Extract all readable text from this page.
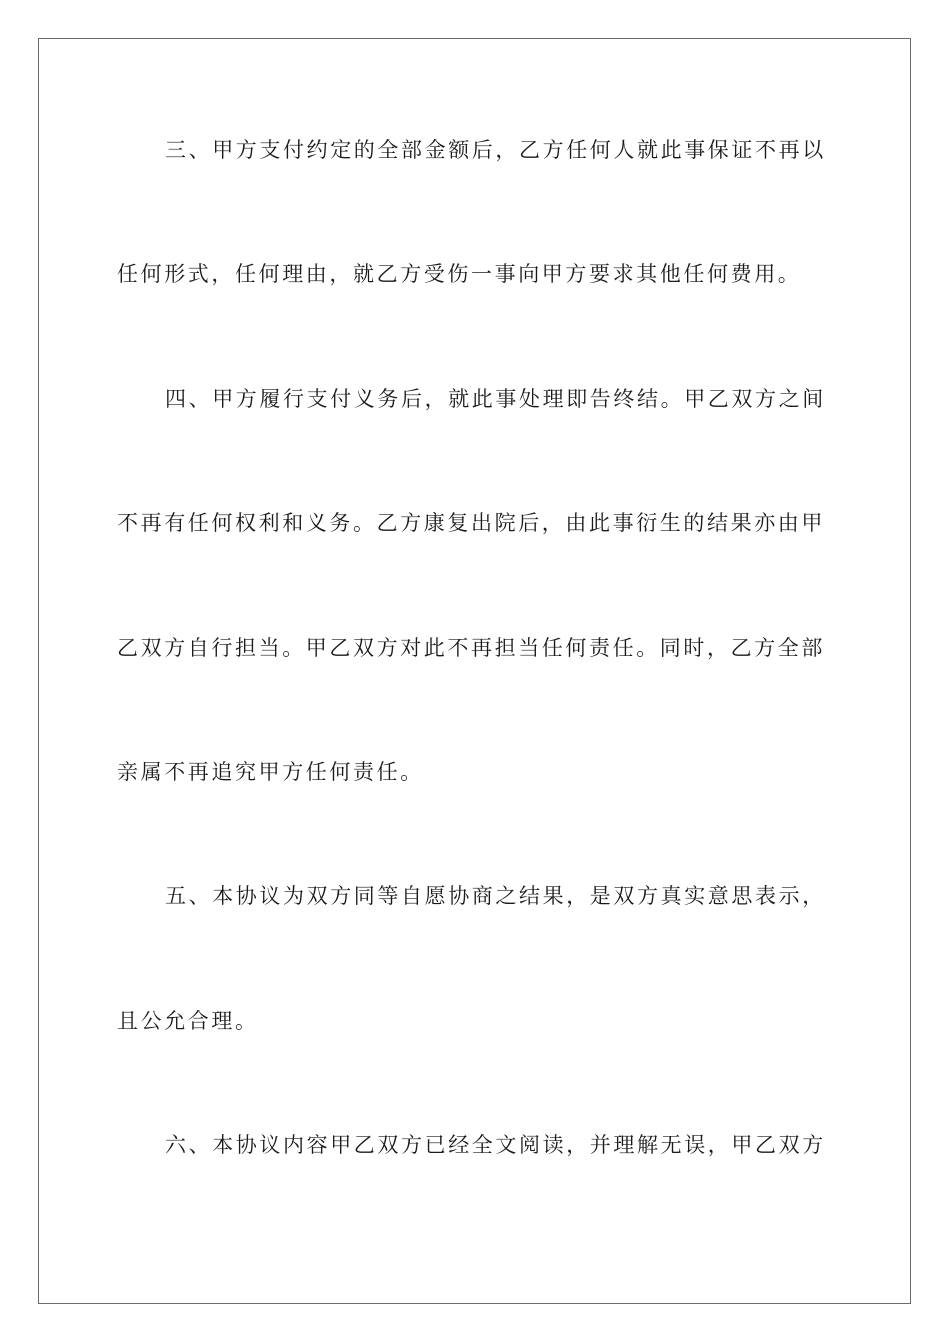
三、甲方支付约定的全部金额后，乙方任何人就此事保证不再以
任何形式，任何理由，就乙方受伤一事向甲方要求其他任何费用。
四、甲方履行支付义务后，就此事处理即告终结。甲乙双方之间
不再有任何权利和义务。乙方康复出院后，由此事衍生的结果亦由甲
乙双方自行担当。甲乙双方对此不再担当任何责任。同时，乙方全部
亲属不再追究甲方任何责任。
五、本协议为双方同等自愿协商之结果，是双方真实意思表示，
且公允合理。
六、本协议内容甲乙双方已经全文阅读，并理解无误，甲乙双方
